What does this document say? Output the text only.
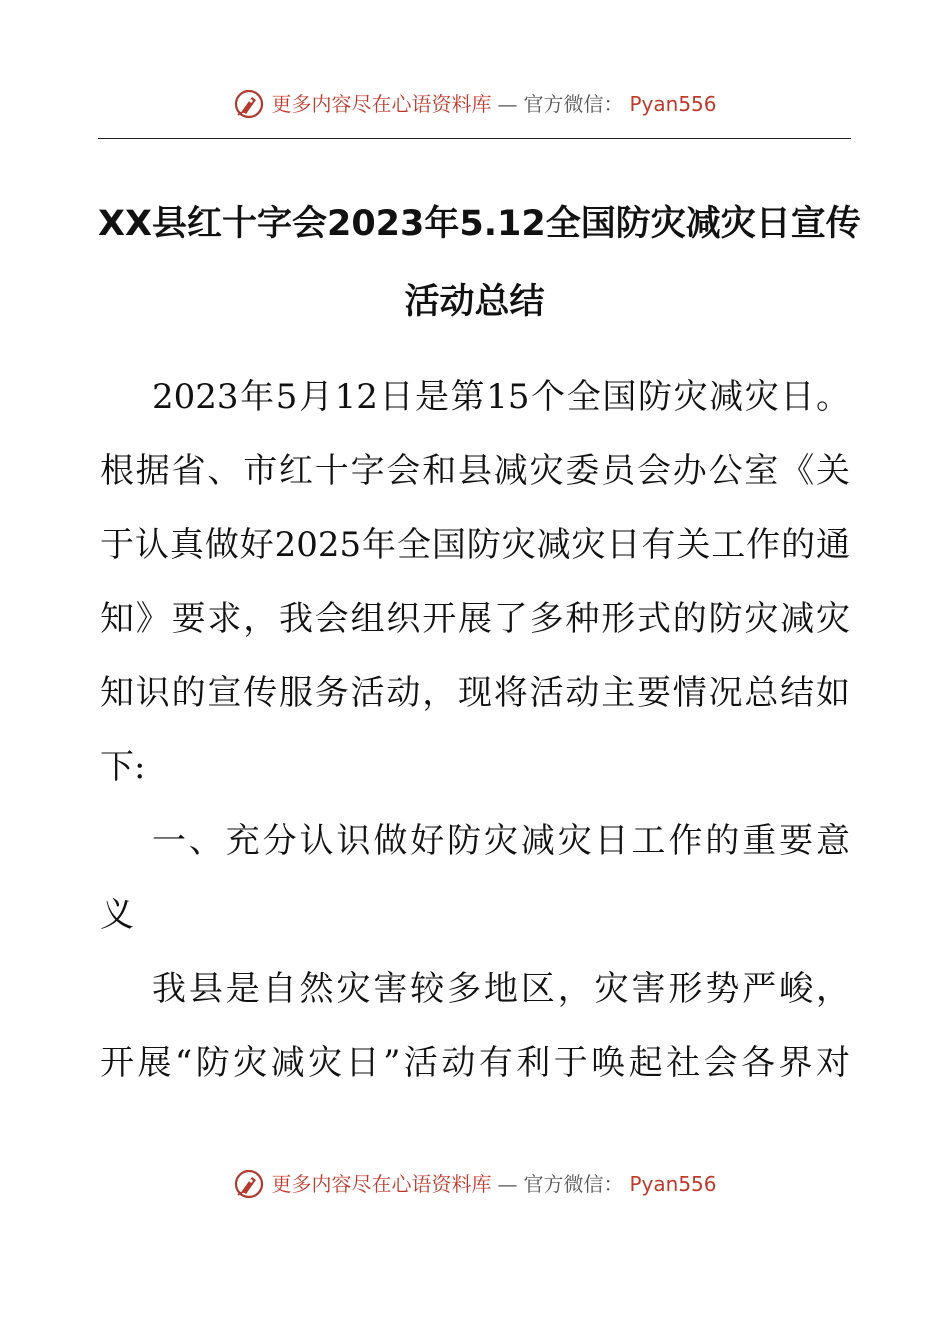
更多内容尽在心语资料库 — 官方微信： Pyan556
XX县红十字会2023年5.12全国防灾减灾日宣传
活动总结
2023年5月12日是第15个全国防灾减灾日。
根据省、市红十字会和县减灾委员会办公室《关
于认真做好2025年全国防灾减灾日有关工作的通
知》要求，我会组织开展了多种形式的防灾减灾
知识的宣传服务活动，现将活动主要情况总结如
下:
一、充分认识做好防灾减灾日工作的重要意
义
我县是自然灾害较多地区，灾害形势严峻，
开展“防灾减灾日”活动有利于唤起社会各界对
更多内容尽在心语资料库 — 官方微信： Pyan556
